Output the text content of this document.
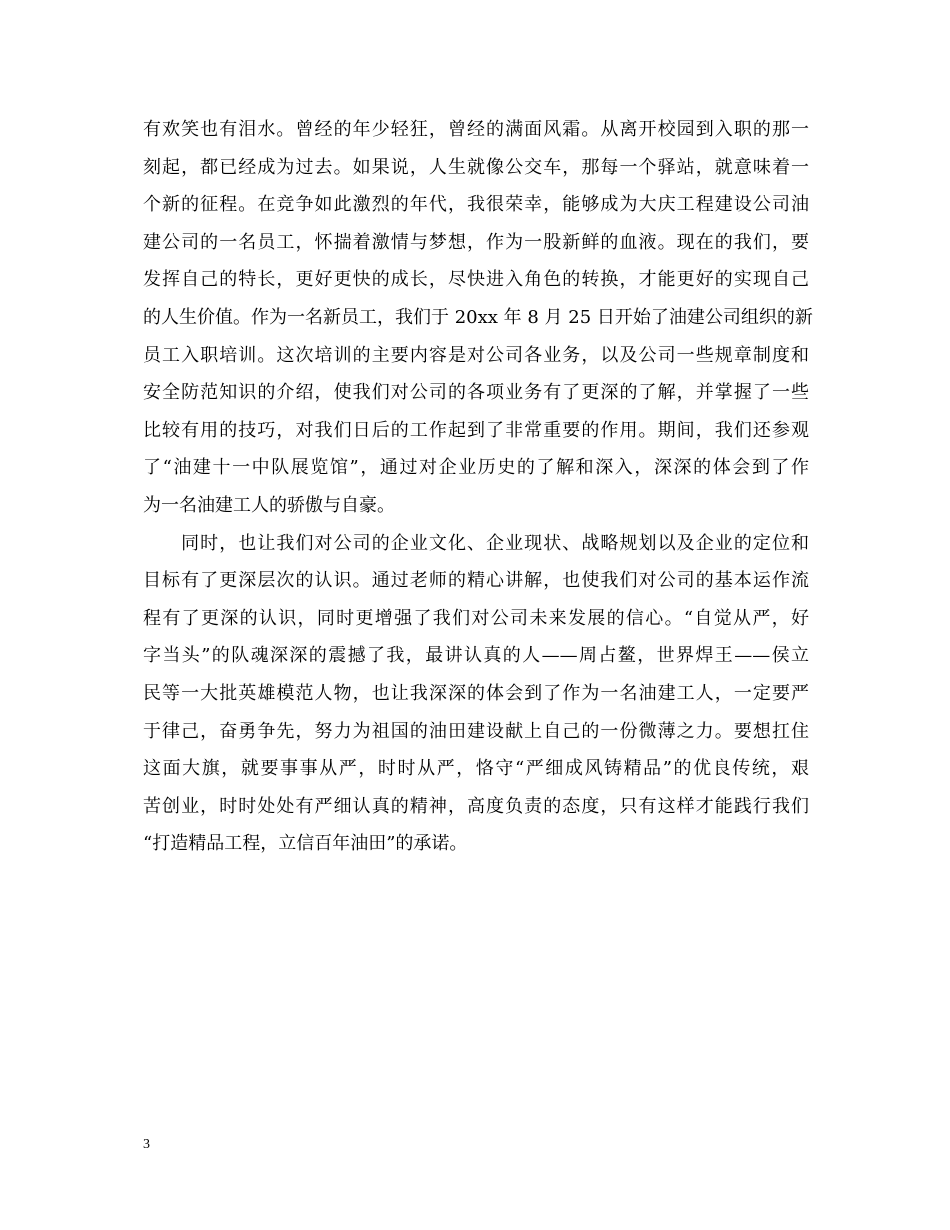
有欢笑也有泪水。曾经的年少轻狂，曾经的满面风霜。从离开校园到入职的那一
刻起，都已经成为过去。如果说，人生就像公交车，那每一个驿站，就意味着一
个新的征程。在竞争如此激烈的年代，我很荣幸，能够成为大庆工程建设公司油
建公司的一名员工，怀揣着激情与梦想，作为一股新鲜的血液。现在的我们，要
发挥自己的特长，更好更快的成长，尽快进入角色的转换，才能更好的实现自己
的人生价值。作为一名新员工，我们于 20xx 年 8 月 25 日开始了油建公司组织的新
员工入职培训。这次培训的主要内容是对公司各业务，以及公司一些规章制度和
安全防范知识的介绍，使我们对公司的各项业务有了更深的了解，并掌握了一些
比较有用的技巧，对我们日后的工作起到了非常重要的作用。期间，我们还参观
了“油建十一中队展览馆”，通过对企业历史的了解和深入，深深的体会到了作
为一名油建工人的骄傲与自豪。
　　同时，也让我们对公司的企业文化、企业现状、战略规划以及企业的定位和
目标有了更深层次的认识。通过老师的精心讲解，也使我们对公司的基本运作流
程有了更深的认识，同时更增强了我们对公司未来发展的信心。“自觉从严，好
字当头”的队魂深深的震撼了我，最讲认真的人——周占鳌，世界焊王——侯立
民等一大批英雄模范人物，也让我深深的体会到了作为一名油建工人，一定要严
于律己，奋勇争先，努力为祖国的油田建设献上自己的一份微薄之力。要想扛住
这面大旗，就要事事从严，时时从严，恪守“严细成风铸精品”的优良传统，艰
苦创业，时时处处有严细认真的精神，高度负责的态度，只有这样才能践行我们
“打造精品工程，立信百年油田”的承诺。
3
